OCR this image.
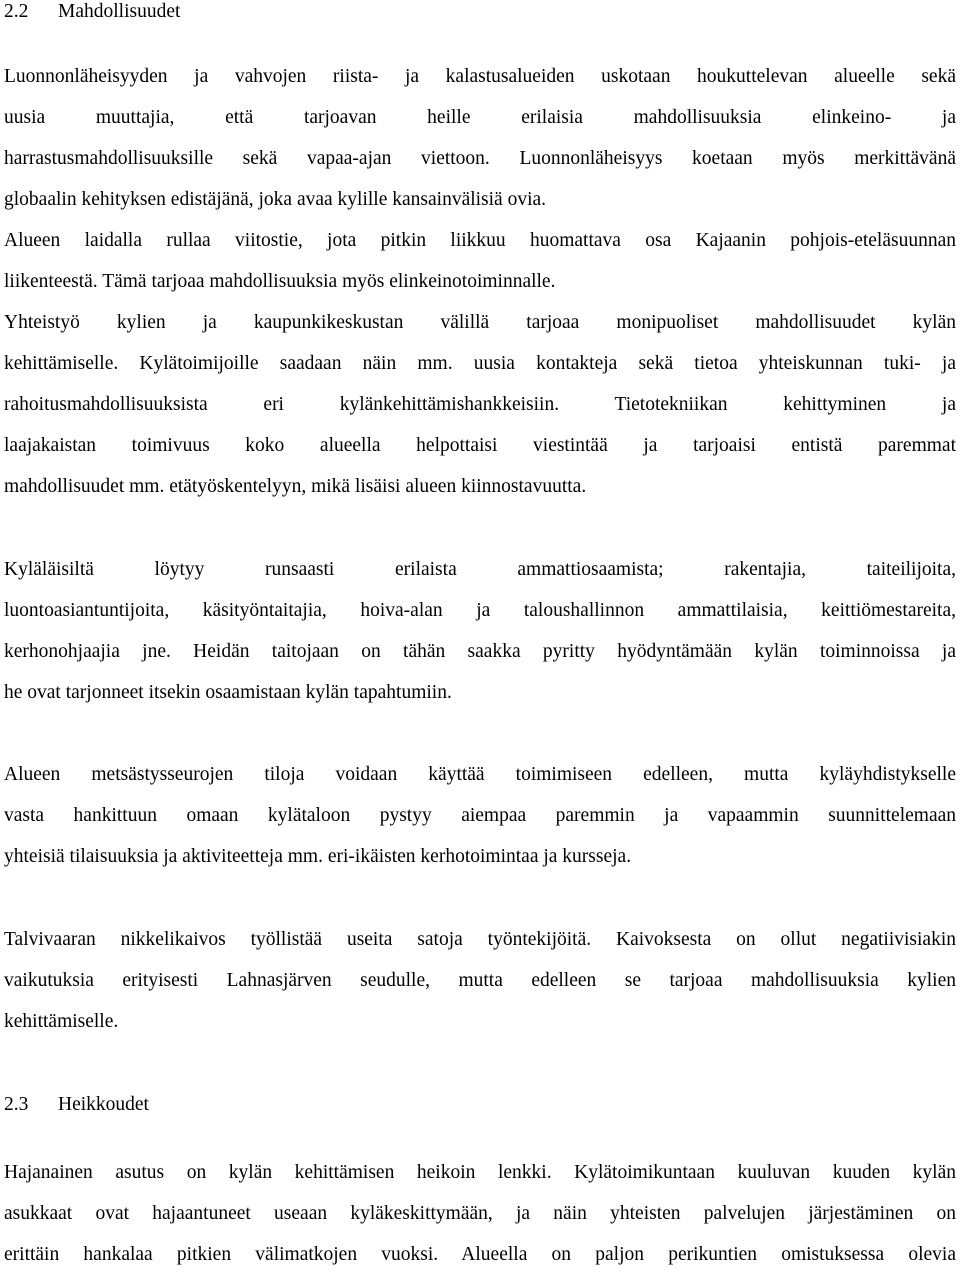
2.2 Mahdollisuudet
Luonnonläheisyyden ja vahvojen riista- ja kalastusalueiden uskotaan houkuttelevan alueelle sekä
uusia muuttajia, että tarjoavan heille erilaisia mahdollisuuksia elinkeino- ja
harrastusmahdollisuuksille sekä vapaa-ajan viettoon. Luonnonläheisyys koetaan myös merkittävänä
globaalin kehityksen edistäjänä, joka avaa kylille kansainvälisiä ovia.
Alueen laidalla rullaa viitostie, jota pitkin liikkuu huomattava osa Kajaanin pohjois-eteläsuunnan
liikenteestä. Tämä tarjoaa mahdollisuuksia myös elinkeinotoiminnalle.
Yhteistyö kylien ja kaupunkikeskustan välillä tarjoaa monipuoliset mahdollisuudet kylän
kehittämiselle. Kylätoimijoille saadaan näin mm. uusia kontakteja sekä tietoa yhteiskunnan tuki- ja
rahoitusmahdollisuuksista eri kylänkehittämishankkeisiin. Tietotekniikan kehittyminen ja
laajakaistan toimivuus koko alueella helpottaisi viestintää ja tarjoaisi entistä paremmat
mahdollisuudet mm. etätyöskentelyyn, mikä lisäisi alueen kiinnostavuutta.
Kyläläisiltä löytyy runsaasti erilaista ammattiosaamista; rakentajia, taiteilijoita,
luontoasiantuntijoita, käsityöntaitajia, hoiva-alan ja taloushallinnon ammattilaisia, keittiömestareita,
kerhonohjaajia jne. Heidän taitojaan on tähän saakka pyritty hyödyntämään kylän toiminnoissa ja
he ovat tarjonneet itsekin osaamistaan kylän tapahtumiin.
Alueen metsästysseurojen tiloja voidaan käyttää toimimiseen edelleen, mutta kyläyhdistykselle
vasta hankittuun omaan kylätaloon pystyy aiempaa paremmin ja vapaammin suunnittelemaan
yhteisiä tilaisuuksia ja aktiviteetteja mm. eri-ikäisten kerhotoimintaa ja kursseja.
Talvivaaran nikkelikaivos työllistää useita satoja työntekijöitä. Kaivoksesta on ollut negatiivisiakin
vaikutuksia erityisesti Lahnasjärven seudulle, mutta edelleen se tarjoaa mahdollisuuksia kylien
kehittämiselle.
2.3 Heikkoudet
Hajanainen asutus on kylän kehittämisen heikoin lenkki. Kylätoimikuntaan kuuluvan kuuden kylän
asukkaat ovat hajaantuneet useaan kyläkeskittymään, ja näin yhteisten palvelujen järjestäminen on
erittäin hankalaa pitkien välimatkojen vuoksi. Alueella on paljon perikuntien omistuksessa olevia
